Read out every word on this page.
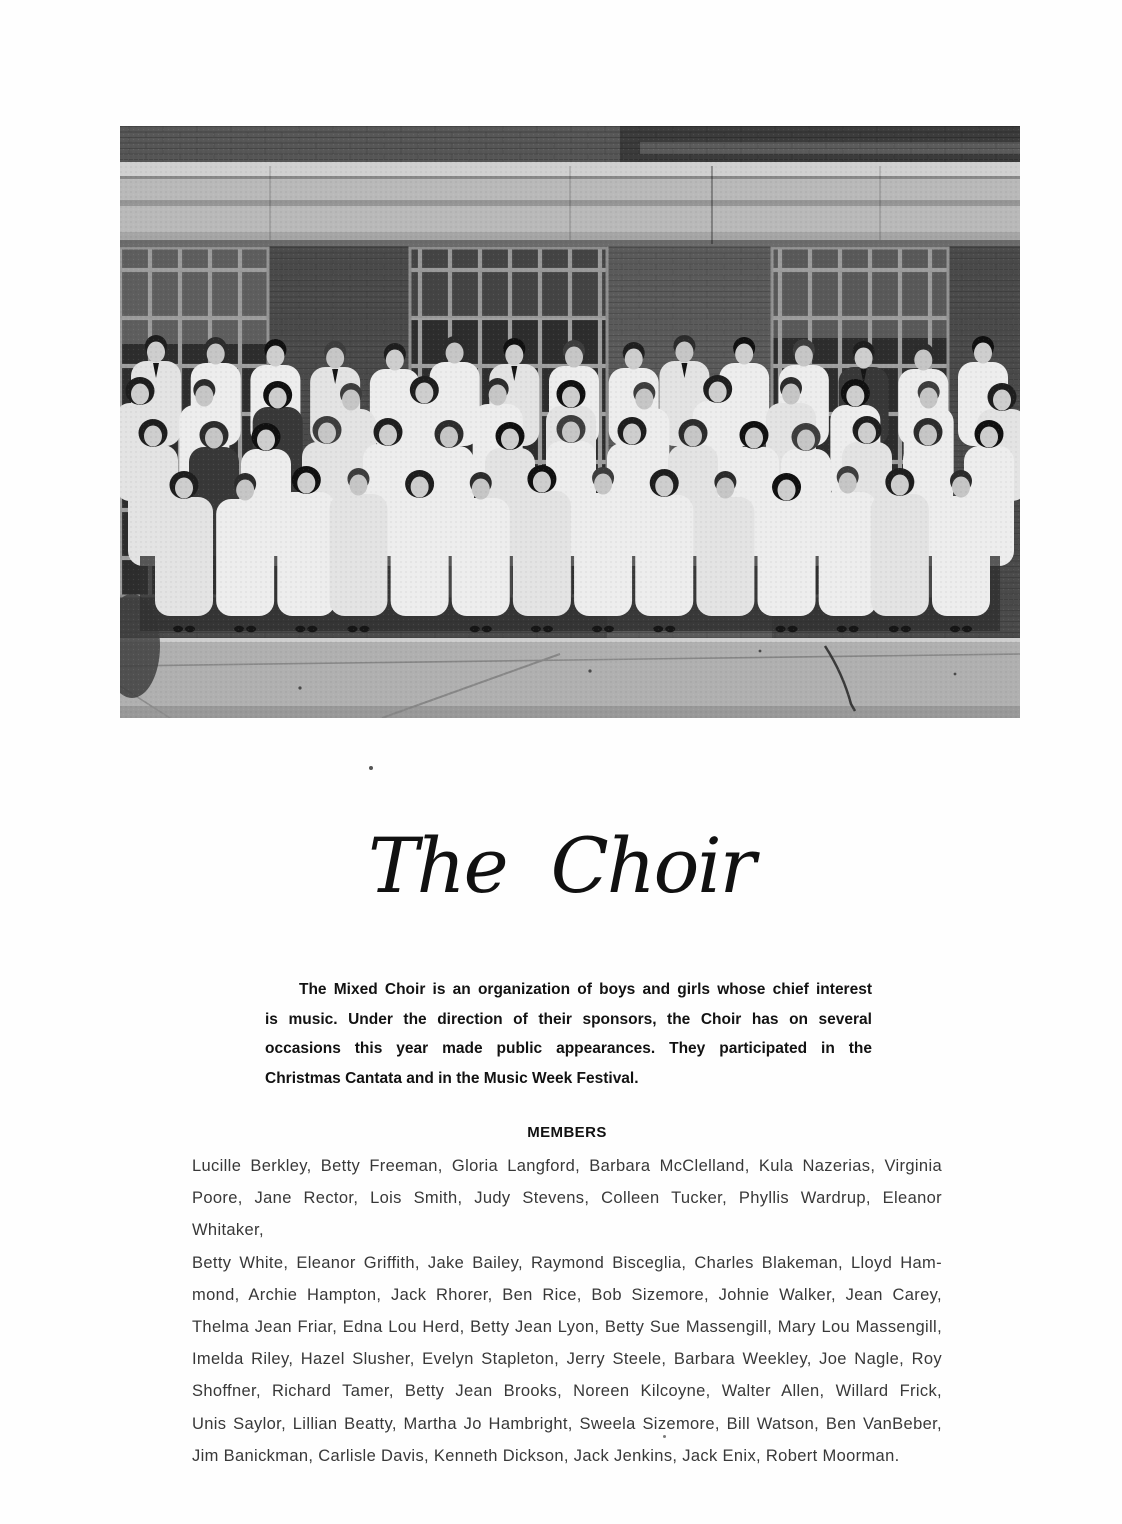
The Choir
The Mixed Choir is an organization of boys and girls whose chief interest
is music. Under the direction of their sponsors, the Choir has on several
occasions this year made public appearances. They participated in the
Christmas Cantata and in the Music Week Festival.
MEMBERS
Lucille Berkley, Betty Freeman, Gloria Langford, Barbara McClelland, Kula Nazerias, Virginia
Poore, Jane Rector, Lois Smith, Judy Stevens, Colleen Tucker, Phyllis Wardrup, Eleanor Whitaker,
Betty White, Eleanor Griffith, Jake Bailey, Raymond Bisceglia, Charles Blakeman, Lloyd Ham-
mond, Archie Hampton, Jack Rhorer, Ben Rice, Bob Sizemore, Johnie Walker, Jean Carey,
Thelma Jean Friar, Edna Lou Herd, Betty Jean Lyon, Betty Sue Massengill, Mary Lou Massengill,
Imelda Riley, Hazel Slusher, Evelyn Stapleton, Jerry Steele, Barbara Weekley, Joe Nagle, Roy
Shoffner, Richard Tamer, Betty Jean Brooks, Noreen Kilcoyne, Walter Allen, Willard Frick,
Unis Saylor, Lillian Beatty, Martha Jo Hambright, Sweela Sizemore, Bill Watson, Ben VanBeber,
Jim Banickman, Carlisle Davis, Kenneth Dickson, Jack Jenkins, Jack Enix, Robert Moorman.
